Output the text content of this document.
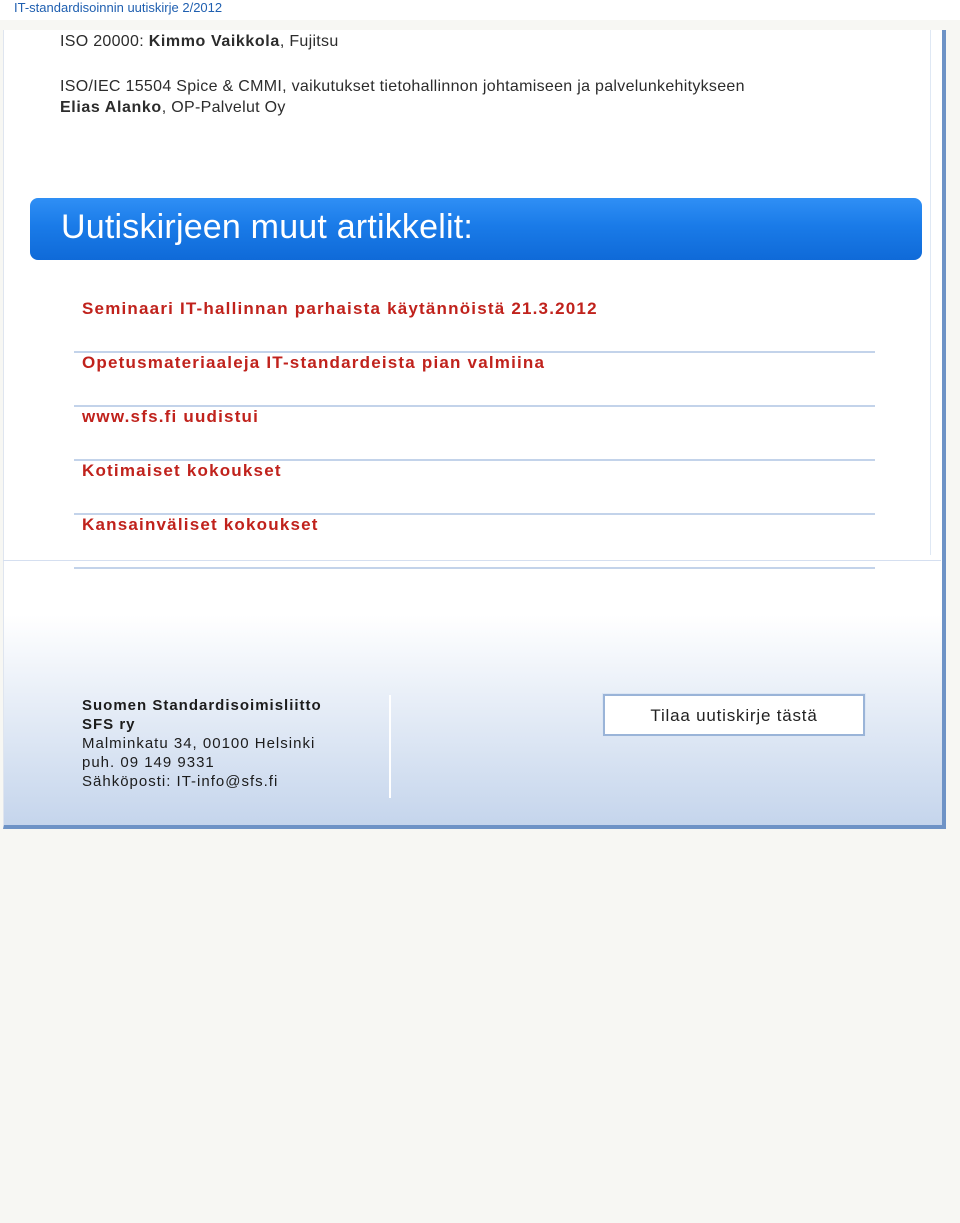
IT-standardisoinnin uutiskirje 2/2012
ISO 20000: Kimmo Vaikkola, Fujitsu
ISO/IEC 15504 Spice & CMMI, vaikutukset tietohallinnon johtamiseen ja palvelunkehitykseen
Elias Alanko, OP-Palvelut Oy
Uutiskirjeen muut artikkelit:
Seminaari IT-hallinnan parhaista käytännöistä 21.3.2012
Opetusmateriaaleja IT-standardeista pian valmiina
www.sfs.fi uudistui
Kotimaiset kokoukset
Kansainväliset kokoukset
Suomen Standardisoimisliitto
SFS ry
Malminkatu 34, 00100 Helsinki
puh. 09 149 9331
Sähköposti: IT-info@sfs.fi
Tilaa uutiskirje tästä
